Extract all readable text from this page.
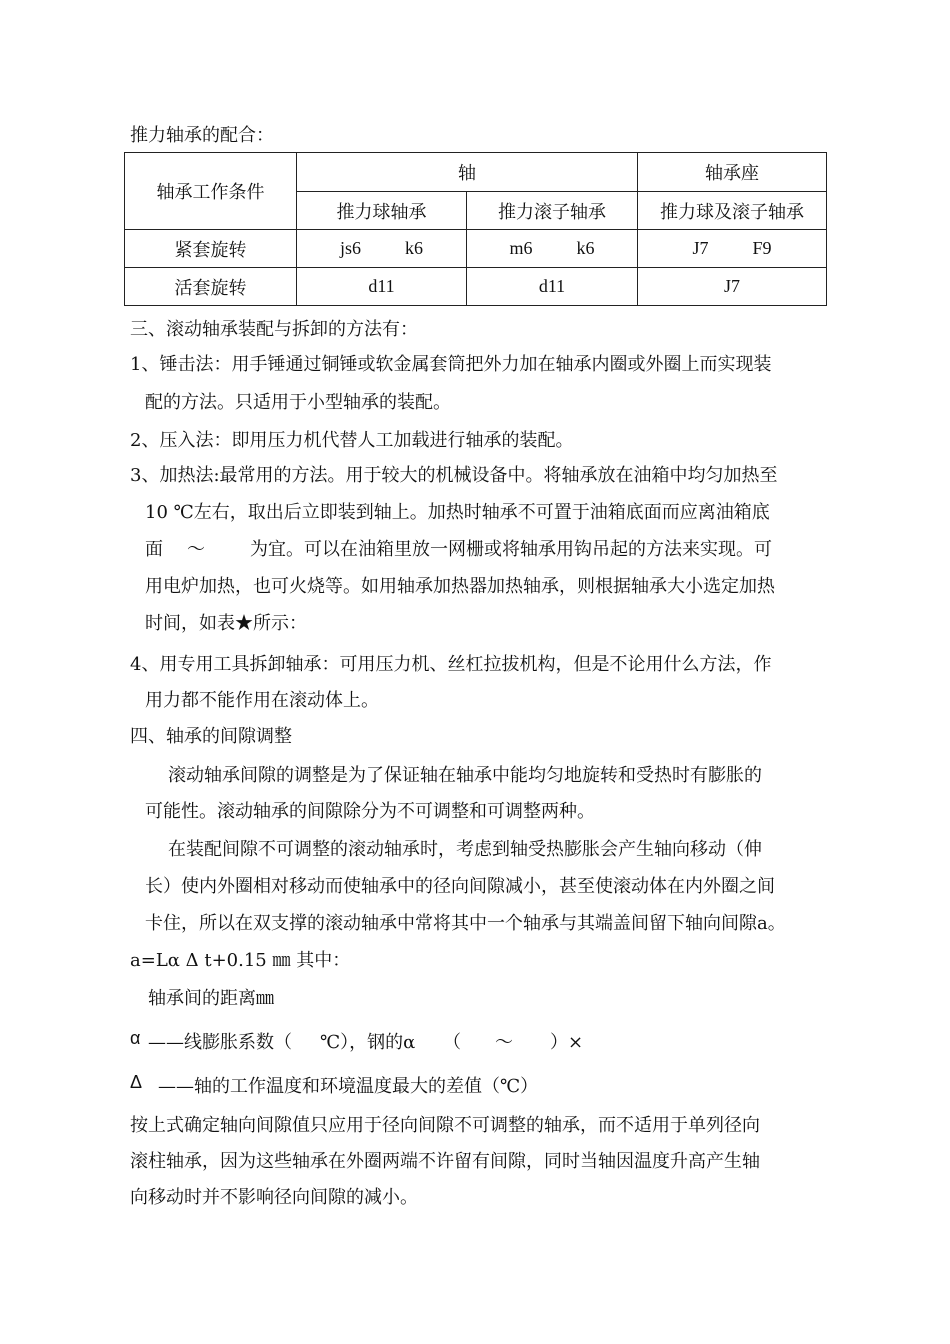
推力轴承的配合：
轴承工作条件	轴		轴承座
	推力球轴承	推力滚子轴承	推力球及滚子轴承
紧套旋转	js6 k6	m6 k6	J7 F9
活套旋转	d11	d11	J7
三、滚动轴承装配与拆卸的方法有：
1、锤击法：用手锤通过铜锤或软金属套筒把外力加在轴承内圈或外圈上而实现装
配的方法。只适用于小型轴承的装配。
2、压入法：即用压力机代替人工加载进行轴承的装配。
3、加热法:最常用的方法。用于较大的机械设备中。将轴承放在油箱中均匀加热至
10 ℃左右，取出后立即装到轴上。加热时轴承不可置于油箱底面而应离油箱底
面 ～	为宜。可以在油箱里放一网栅或将轴承用钩吊起的方法来实现。可
用电炉加热，也可火烧等。如用轴承加热器加热轴承，则根据轴承大小选定加热
时间，如表★所示：
4、用专用工具拆卸轴承：可用压力机、丝杠拉拔机构，但是不论用什么方法，作
用力都不能作用在滚动体上。
四、轴承的间隙调整
滚动轴承间隙的调整是为了保证轴在轴承中能均匀地旋转和受热时有膨胀的
可能性。滚动轴承的间隙除分为不可调整和可调整两种。
在装配间隙不可调整的滚动轴承时，考虑到轴受热膨胀会产生轴向移动（伸
长）使内外圈相对移动而使轴承中的径向间隙减小，甚至使滚动体在内外圈之间
卡住，所以在双支撑的滚动轴承中常将其中一个轴承与其端盖间留下轴向间隙a。
a=Lα Δ t+0.15 ㎜ 其中：
轴承间的距离㎜
α ——线膨胀系数（ ℃），钢的α （ ～ ）×
Δ ——轴的工作温度和环境温度最大的差值（℃）
按上式确定轴向间隙值只应用于径向间隙不可调整的轴承，而不适用于单列径向
滚柱轴承，因为这些轴承在外圈两端不许留有间隙，同时当轴因温度升高产生轴
向移动时并不影响径向间隙的减小。
